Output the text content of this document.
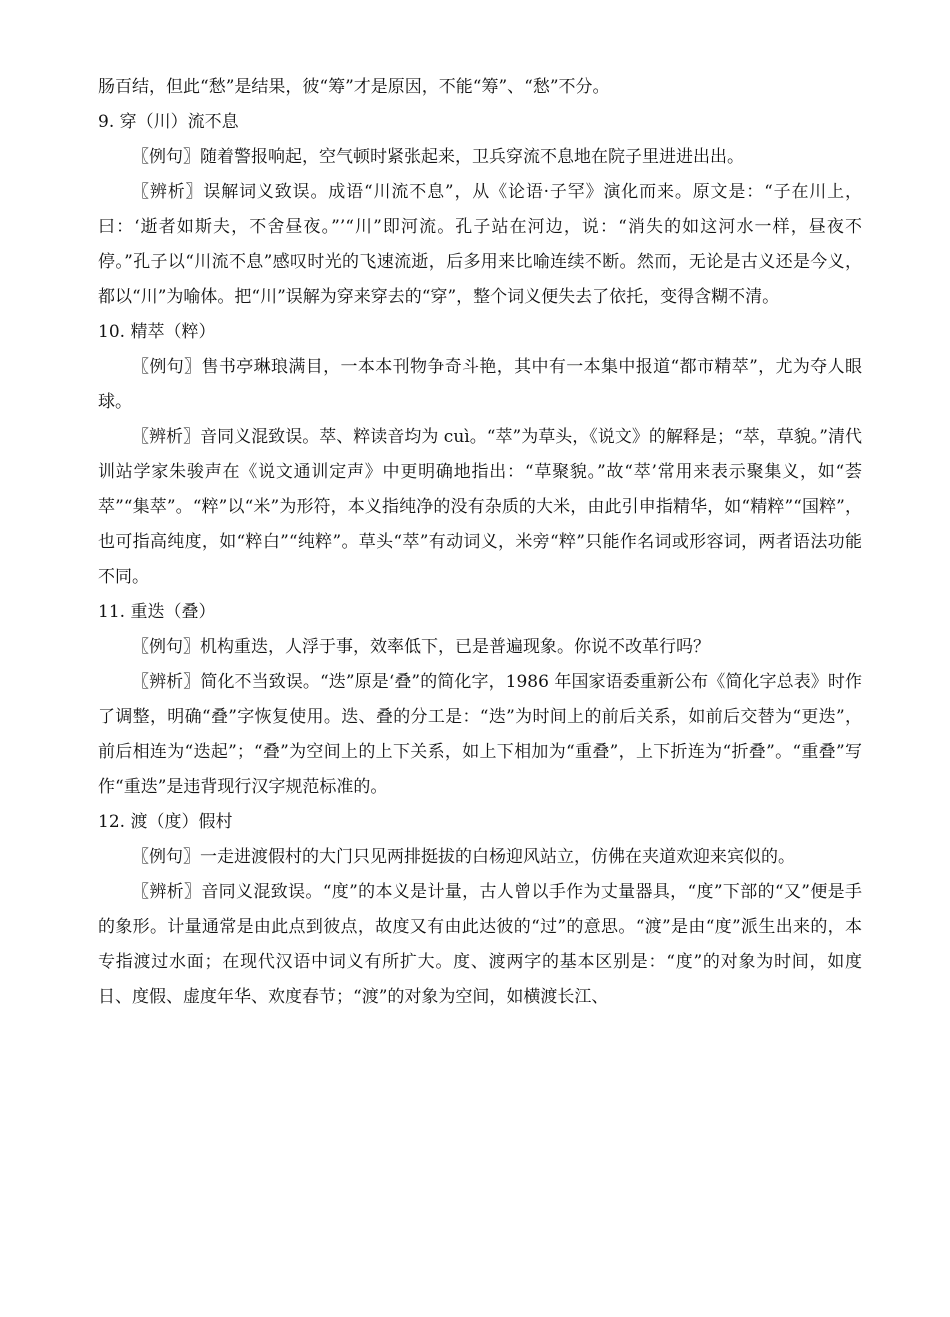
肠百结，但此“愁”是结果，彼“筹”才是原因，不能“筹”、“愁”不分。

9. 穿（川）流不息

〖例句〗随着警报响起，空气顿时紧张起来，卫兵穿流不息地在院子里进进出出。

〖辨析〗误解词义致误。成语“川流不息”，从《论语·子罕》演化而来。原文是：“子在川上，曰：‘逝者如斯夫，不舍昼夜。”’“川”即河流。孔子站在河边，说：“消失的如这河水一样，昼夜不停。”孔子以“川流不息”感叹时光的飞速流逝，后多用来比喻连续不断。然而，无论是古义还是今义，都以“川”为喻体。把“川”误解为穿来穿去的“穿”，整个词义便失去了依托，变得含糊不清。

10. 精萃（粹）

〖例句〗售书亭琳琅满目，一本本刊物争奇斗艳，其中有一本集中报道“都市精萃”，尤为夺人眼球。

〖辨析〗音同义混致误。萃、粹读音均为 cuì。“萃”为草头，《说文》的解释是；“萃，草貌。”清代训站学家朱骏声在《说文通训定声》中更明确地指出：“草聚貌。”故“萃’常用来表示聚集义，如“荟萃”“集萃”。“粹”以“米”为形符，本义指纯净的没有杂质的大米，由此引申指精华，如“精粹”“国粹”，也可指高纯度，如“粹白”“纯粹”。草头“萃”有动词义，米旁“粹”只能作名词或形容词，两者语法功能不同。

11. 重迭（叠）

〖例句〗机构重迭，人浮于事，效率低下，已是普遍现象。你说不改革行吗？

〖辨析〗简化不当致误。“迭”原是‘叠”的简化字，1986 年国家语委重新公布《简化字总表》时作了调整，明确“叠”字恢复使用。迭、叠的分工是：“迭”为时间上的前后关系，如前后交替为“更迭”，前后相连为“迭起”；“叠”为空间上的上下关系，如上下相加为“重叠”，上下折连为“折叠”。“重叠”写作“重迭”是违背现行汉字规范标准的。

12. 渡（度）假村

〖例句〗一走进渡假村的大门只见两排挺拔的白杨迎风站立，仿佛在夹道欢迎来宾似的。

〖辨析〗音同义混致误。“度”的本义是计量，古人曾以手作为丈量器具，“度”下部的“又”便是手的象形。计量通常是由此点到彼点，故度又有由此达彼的“过”的意思。“渡”是由“度”派生出来的，本专指渡过水面；在现代汉语中词义有所扩大。度、渡两字的基本区别是：“度”的对象为时间，如度日、度假、虚度年华、欢度春节；“渡”的对象为空间，如横渡长江、
